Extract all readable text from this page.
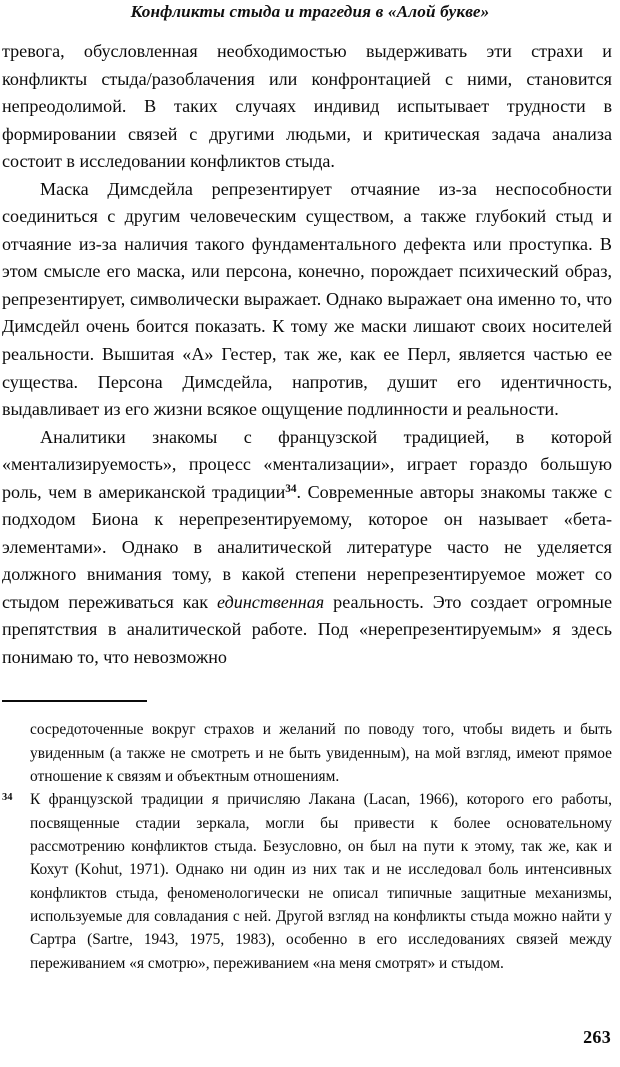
Конфликты стыда и трагедия в «Алой букве»

тревога, обусловленная необходимостью выдерживать эти страхи и конфликты стыда/разоблачения или конфронтацией с ними, становится непреодолимой. В таких случаях индивид испытывает трудности в формировании связей с другими людьми, и критическая задача анализа состоит в исследовании конфликтов стыда.

Маска Димсдейла репрезентирует отчаяние из-за неспособности соединиться с другим человеческим существом, а также глубокий стыд и отчаяние из-за наличия такого фундаментального дефекта или проступка. В этом смысле его маска, или персона, конечно, порождает психический образ, репрезентирует, символически выражает. Однако выражает она именно то, что Димсдейл очень боится показать. К тому же маски лишают своих носителей реальности. Вышитая «А» Гестер, так же, как ее Перл, является частью ее существа. Персона Димсдейла, напротив, душит его идентичность, выдавливает из его жизни всякое ощущение подлинности и реальности.

Аналитики знакомы с французской традицией, в которой «ментализируемость», процесс «ментализации», играет гораздо большую роль, чем в американской традиции$^{34}$. Современные авторы знакомы также с подходом Биона к нерепрезентируемому, которое он называет «бета-элементами». Однако в аналитической литературе часто не уделяется должного внимания тому, в какой степени нерепрезентируемое может со стыдом переживаться как единственная реальность. Это создает огромные препятствия в аналитической работе. Под «нерепрезентируемым» я здесь понимаю то, что невозможно

сосредоточенные вокруг страхов и желаний по поводу того, чтобы видеть и быть увиденным (а также не смотреть и не быть увиденным), на мой взгляд, имеют прямое отношение к связям и объектным отношениям.

34	К французской традиции я причисляю Лакана (Lacan, 1966), которого его работы, посвященные стадии зеркала, могли бы привести к более основательному рассмотрению конфликтов стыда. Безусловно, он был на пути к этому, так же, как и Кохут (Kohut, 1971). Однако ни один из них так и не исследовал боль интенсивных конфликтов стыда, феноменологически не описал типичные защитные механизмы, используемые для совладания с ней. Другой взгляд на конфликты стыда можно найти у Сартра (Sartre, 1943, 1975, 1983), особенно в его исследованиях связей между переживанием «я смотрю», переживанием «на меня смотрят» и стыдом.

263
